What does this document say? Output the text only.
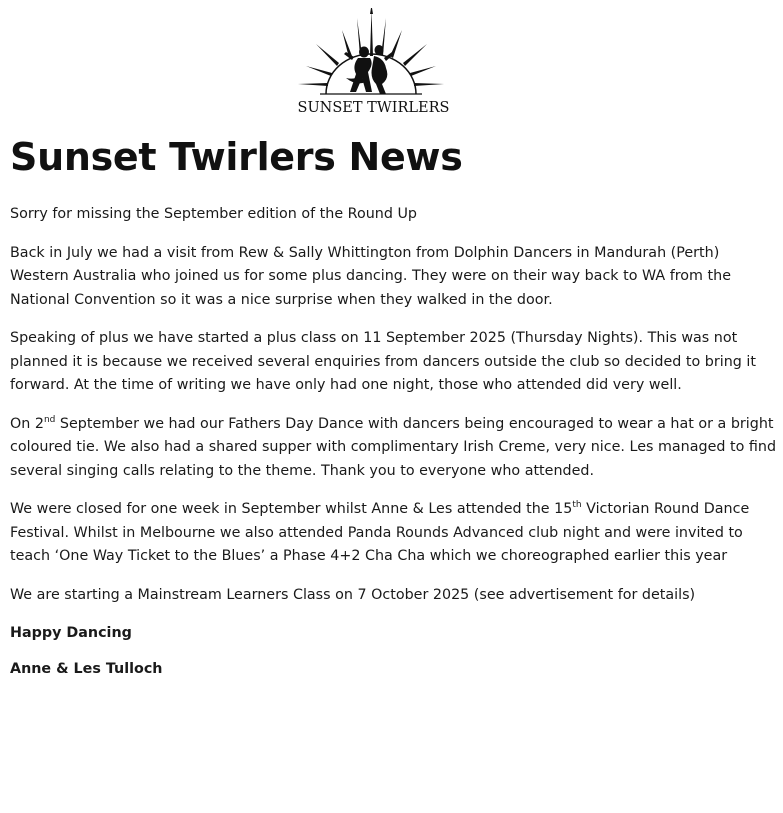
SUNSET TWIRLERS
Sunset Twirlers News

Sorry for missing the September edition of the Round Up

Back in July we had a visit from Rew & Sally Whittington from Dolphin Dancers in Mandurah (Perth) Western Australia who joined us for some plus dancing. They were on their way back to WA from the National Convention so it was a nice surprise when they walked in the door.

Speaking of plus we have started a plus class on 11 September 2025 (Thursday Nights). This was not planned it is because we received several enquiries from dancers outside the club so decided to bring it forward. At the time of writing we have only had one night, those who attended did very well.

On 2nd September we had our Fathers Day Dance with dancers being encouraged to wear a hat or a bright coloured tie. We also had a shared supper with complimentary Irish Creme, very nice. Les managed to find several singing calls relating to the theme. Thank you to everyone who attended.

We were closed for one week in September whilst Anne & Les attended the 15th Victorian Round Dance Festival. Whilst in Melbourne we also attended Panda Rounds Advanced club night and were invited to teach ‘One Way Ticket to the Blues’ a Phase 4+2 Cha Cha which we choreographed earlier this year

We are starting a Mainstream Learners Class on 7 October 2025 (see advertisement for details)

Happy Dancing

Anne & Les Tulloch
